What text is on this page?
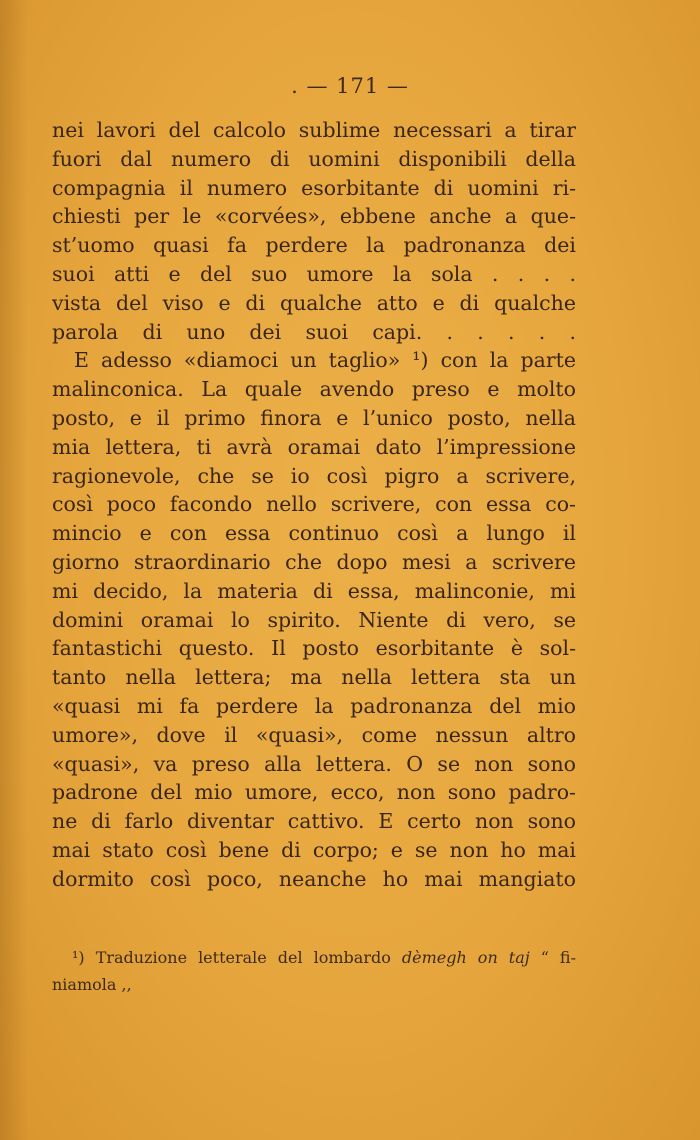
. — 171 —
nei lavori del calcolo sublime necessari a tirar
fuori dal numero di uomini disponibili della
compagnia il numero esorbitante di uomini ri-
chiesti per le «corvées», ebbene anche a que-
st’uomo quasi fa perdere la padronanza dei
suoi atti e del suo umore la sola . . . .
vista del viso e di qualche atto e di qualche
parola di uno dei suoi capi. . . . . .
E adesso «diamoci un taglio» ¹) con la parte
malinconica. La quale avendo preso e molto
posto, e il primo finora e l’unico posto, nella
mia lettera, ti avrà oramai dato l’impressione
ragionevole, che se io così pigro a scrivere,
così poco facondo nello scrivere, con essa co-
mincio e con essa continuo così a lungo il
giorno straordinario che dopo mesi a scrivere
mi decido, la materia di essa, malinconie, mi
domini oramai lo spirito. Niente di vero, se
fantastichi questo. Il posto esorbitante è sol-
tanto nella lettera; ma nella lettera sta un
«quasi mi fa perdere la padronanza del mio
umore», dove il «quasi», come nessun altro
«quasi», va preso alla lettera. O se non sono
padrone del mio umore, ecco, non sono padro-
ne di farlo diventar cattivo. E certo non sono
mai stato così bene di corpo; e se non ho mai
dormito così poco, neanche ho mai mangiato
¹) Traduzione letterale del lombardo dèmegh on taj “ fi-
niamola ,,
